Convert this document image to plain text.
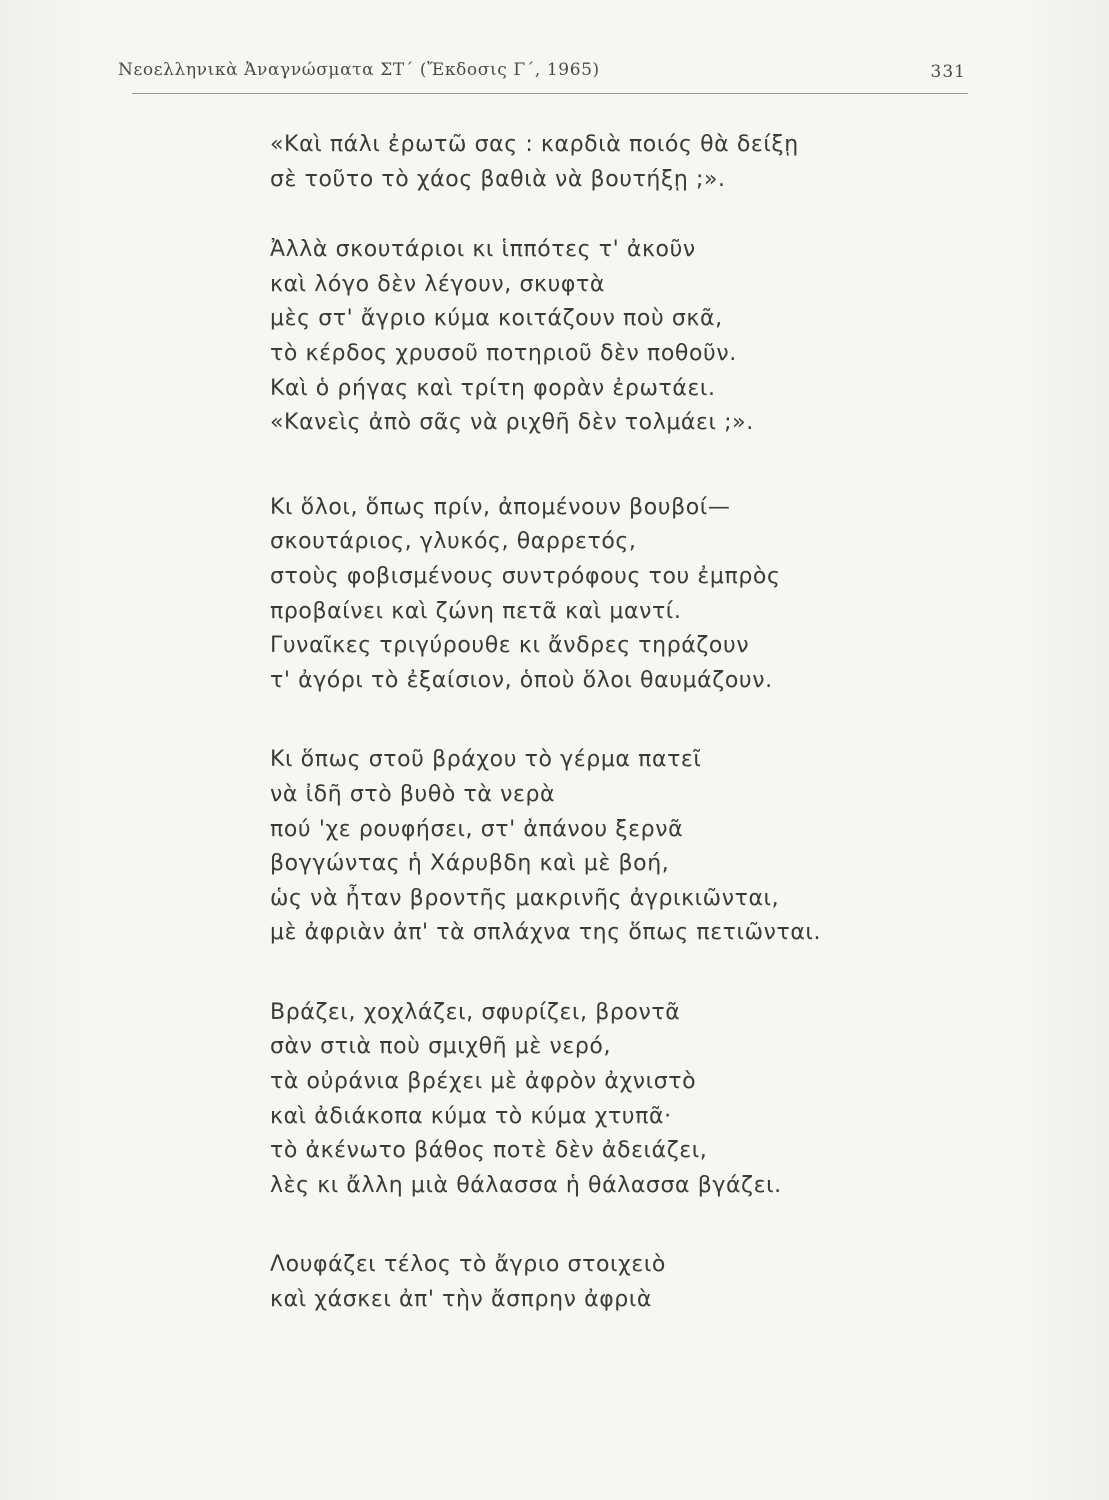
Νεοελληνικὰ Ἀναγνώσματα ΣΤ΄ (Ἔκδοσις Γ΄, 1965)	331
«Καὶ πάλι ἐρωτῶ σας : καρδιὰ ποιός θὰ δείξῃ
σὲ τοῦτο τὸ χάος βαθιὰ νὰ βουτήξῃ ;».
Ἀλλὰ σκουτάριοι κι ἱππότες τ' ἀκοῦν
καὶ λόγο δὲν λέγουν, σκυφτὰ
μὲς στ' ἄγριο κύμα κοιτάζουν ποὺ σκᾶ,
τὸ κέρδος χρυσοῦ ποτηριοῦ δὲν ποθοῦν.
Καὶ ὁ ρήγας καὶ τρίτη φορὰν ἐρωτάει.
«Κανεὶς ἀπὸ σᾶς νὰ ριχθῆ δὲν τολμάει ;».
Κι ὅλοι, ὅπως πρίν, ἀπομένουν βουβοί—
σκουτάριος, γλυκός, θαρρετός,
στοὺς φοβισμένους συντρόφους του ἐμπρὸς
προβαίνει καὶ ζώνη πετᾶ καὶ μαντί.
Γυναῖκες τριγύρουθε κι ἄνδρες τηράζουν
τ' ἀγόρι τὸ ἐξαίσιον, ὁποὺ ὅλοι θαυμάζουν.
Κι ὅπως στοῦ βράχου τὸ γέρμα πατεῖ
νὰ ἰδῆ στὸ βυθὸ τὰ νερὰ
πού 'χε ρουφήσει, στ' ἀπάνου ξερνᾶ
βογγώντας ἡ Χάρυβδη καὶ μὲ βοή,
ὡς νὰ ἦταν βροντῆς μακρινῆς ἀγρικιῶνται,
μὲ ἀφριὰν ἀπ' τὰ σπλάχνα της ὅπως πετιῶνται.
Βράζει, χοχλάζει, σφυρίζει, βροντᾶ
σὰν στιὰ ποὺ σμιχθῆ μὲ νερό,
τὰ οὐράνια βρέχει μὲ ἀφρὸν ἀχνιστὸ
καὶ ἀδιάκοπα κύμα τὸ κύμα χτυπᾶ·
τὸ ἀκένωτο βάθος ποτὲ δὲν ἀδειάζει,
λὲς κι ἄλλη μιὰ θάλασσα ἡ θάλασσα βγάζει.
Λουφάζει τέλος τὸ ἄγριο στοιχειὸ
καὶ χάσκει ἀπ' τὴν ἄσπρην ἀφριὰ
